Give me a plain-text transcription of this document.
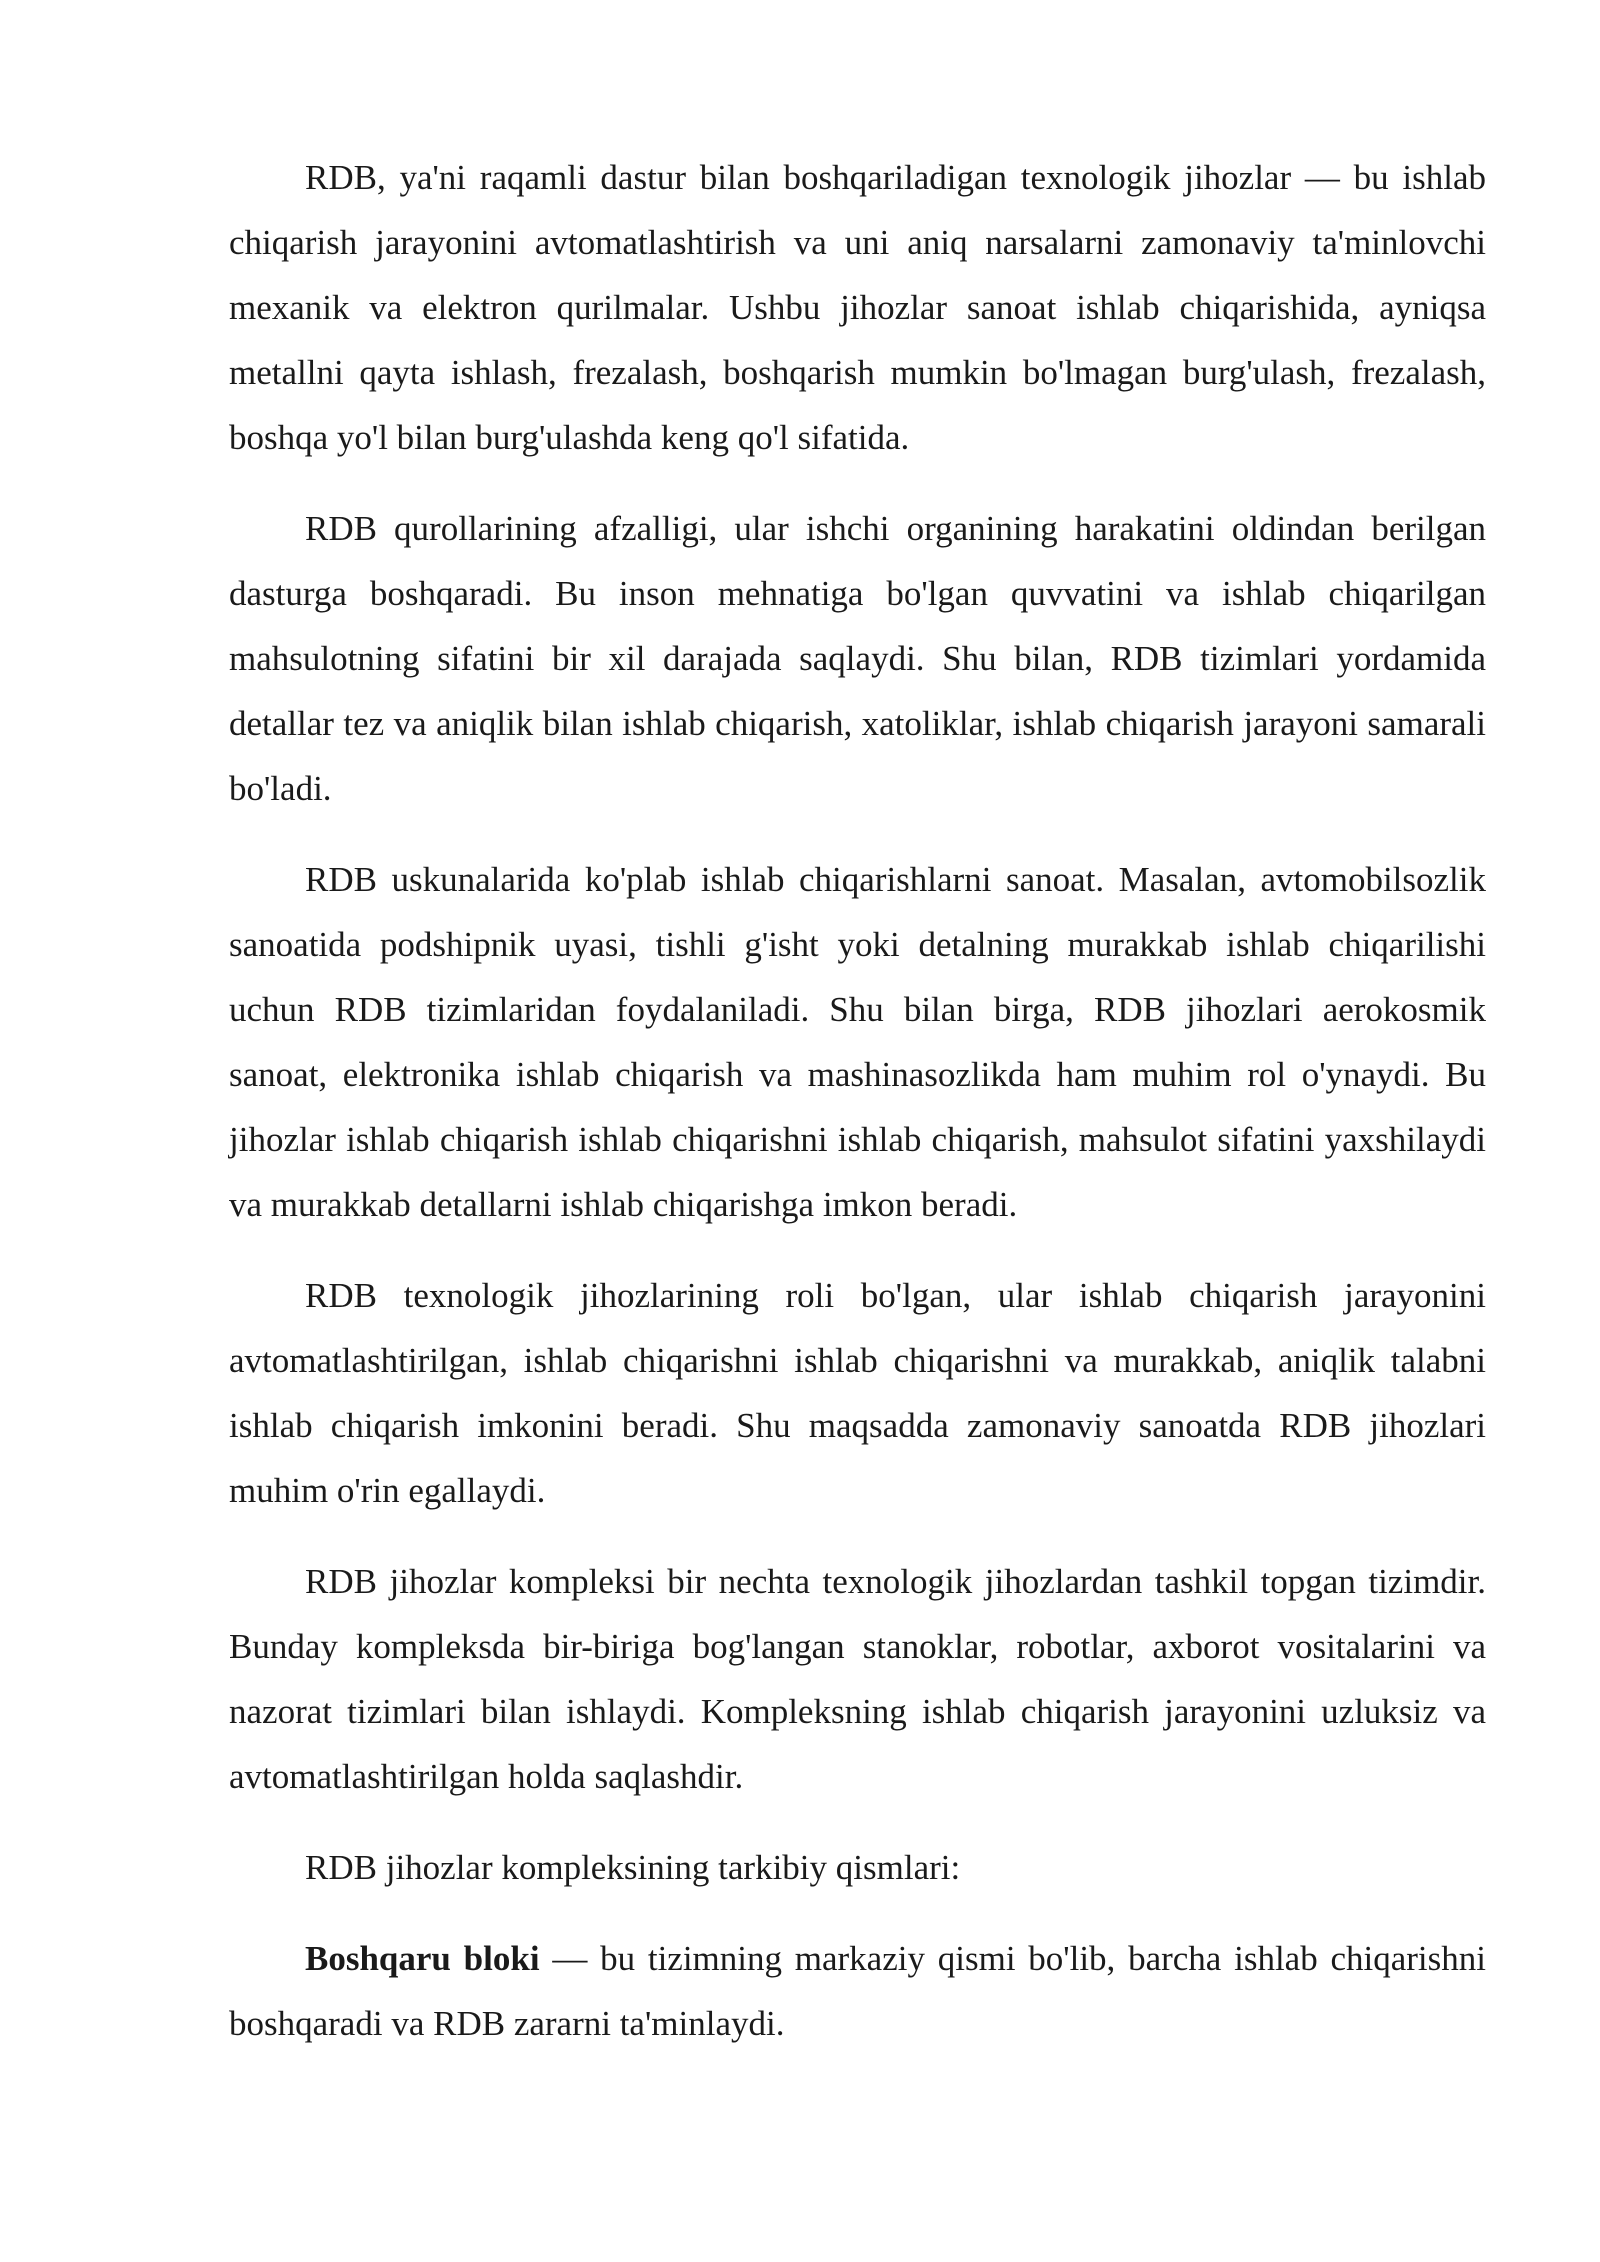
RDB, ya'ni raqamli dastur bilan boshqariladigan texnologik jihozlar — bu ishlab chiqarish jarayonini avtomatlashtirish va uni aniq narsalarni zamonaviy ta'minlovchi mexanik va elektron qurilmalar. Ushbu jihozlar sanoat ishlab chiqarishida, ayniqsa metallni qayta ishlash, frezalash, boshqarish mumkin bo'lmagan burg'ulash, frezalash, boshqa yo'l bilan burg'ulashda keng qo'l sifatida.

RDB qurollarining afzalligi, ular ishchi organining harakatini oldindan berilgan dasturga boshqaradi. Bu inson mehnatiga bo'lgan quvvatini va ishlab chiqarilgan mahsulotning sifatini bir xil darajada saqlaydi. Shu bilan, RDB tizimlari yordamida detallar tez va aniqlik bilan ishlab chiqarish, xatoliklar, ishlab chiqarish jarayoni samarali bo'ladi.

RDB uskunalarida ko'plab ishlab chiqarishlarni sanoat. Masalan, avtomobilsozlik sanoatida podshipnik uyasi, tishli g'isht yoki detalning murakkab ishlab chiqarilishi uchun RDB tizimlaridan foydalaniladi. Shu bilan birga, RDB jihozlari aerokosmik sanoat, elektronika ishlab chiqarish va mashinasozlikda ham muhim rol o'ynaydi. Bu jihozlar ishlab chiqarish ishlab chiqarishni ishlab chiqarish, mahsulot sifatini yaxshilaydi va murakkab detallarni ishlab chiqarishga imkon beradi.

RDB texnologik jihozlarining roli bo'lgan, ular ishlab chiqarish jarayonini avtomatlashtirilgan, ishlab chiqarishni ishlab chiqarishni va murakkab, aniqlik talabni ishlab chiqarish imkonini beradi. Shu maqsadda zamonaviy sanoatda RDB jihozlari muhim o'rin egallaydi.

RDB jihozlar kompleksi bir nechta texnologik jihozlardan tashkil topgan tizimdir. Bunday kompleksda bir-biriga bog'langan stanoklar, robotlar, axborot vositalarini va nazorat tizimlari bilan ishlaydi. Kompleksning ishlab chiqarish jarayonini uzluksiz va avtomatlashtirilgan holda saqlashdir.

RDB jihozlar kompleksining tarkibiy qismlari:

Boshqaru bloki — bu tizimning markaziy qismi bo'lib, barcha ishlab chiqarishni boshqaradi va RDB zararni ta'minlaydi.
